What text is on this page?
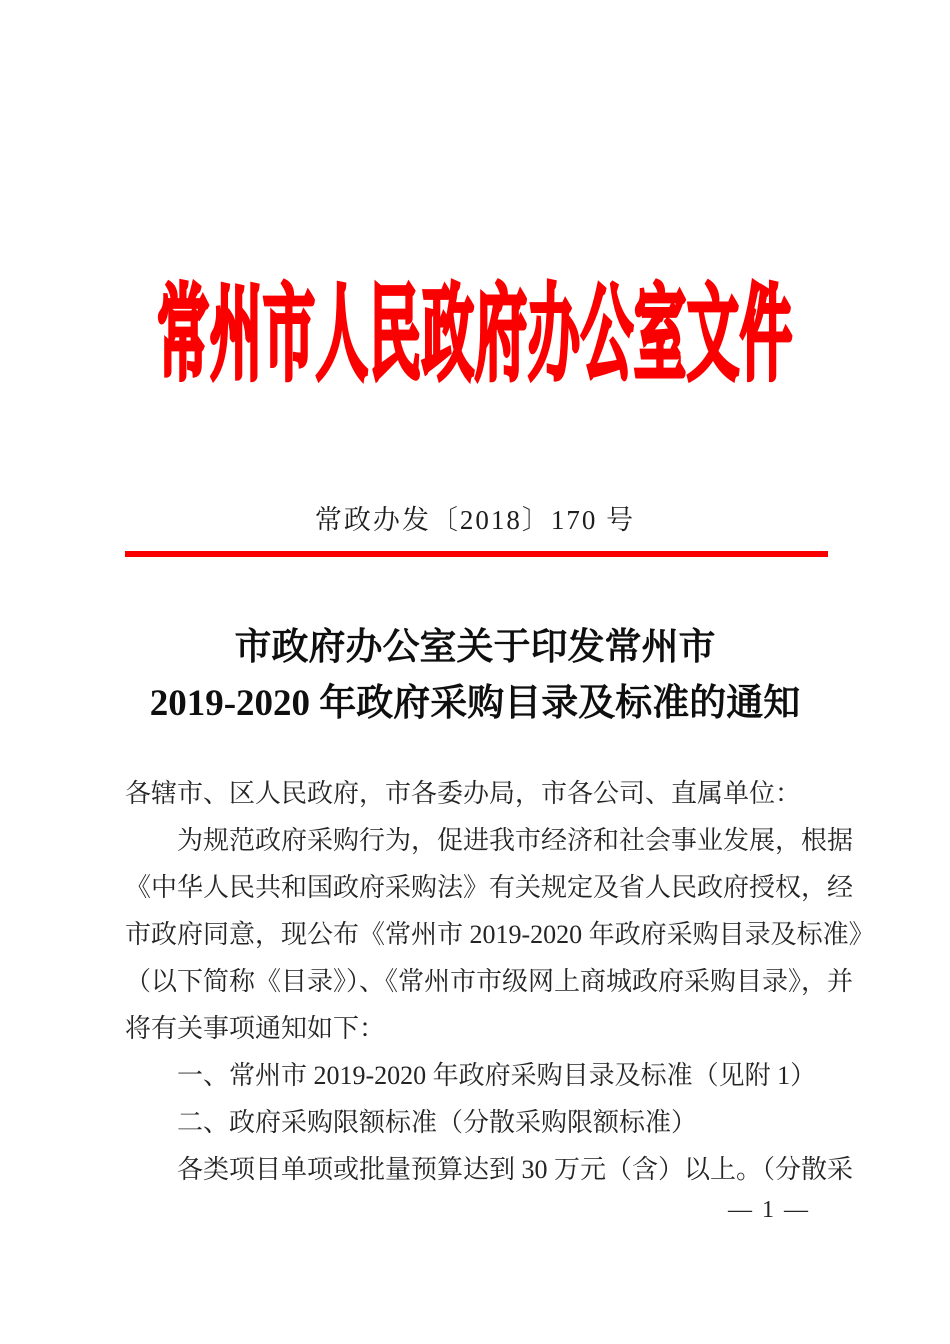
常州市人民政府办公室文件
常政办发〔2018〕170 号
市政府办公室关于印发常州市
2019-2020 年政府采购目录及标准的通知
各辖市、区人民政府，市各委办局，市各公司、直属单位：
为规范政府采购行为，促进我市经济和社会事业发展，根据
《中华人民共和国政府采购法》有关规定及省人民政府授权，经
市政府同意，现公布《常州市 2019-2020 年政府采购目录及标准》
（以下简称《目录》）、《常州市市级网上商城政府采购目录》，并
将有关事项通知如下：
一、常州市 2019-2020 年政府采购目录及标准（见附 1）
二、政府采购限额标准（分散采购限额标准）
各类项目单项或批量预算达到 30 万元（含）以上。（分散采
— 1 —
